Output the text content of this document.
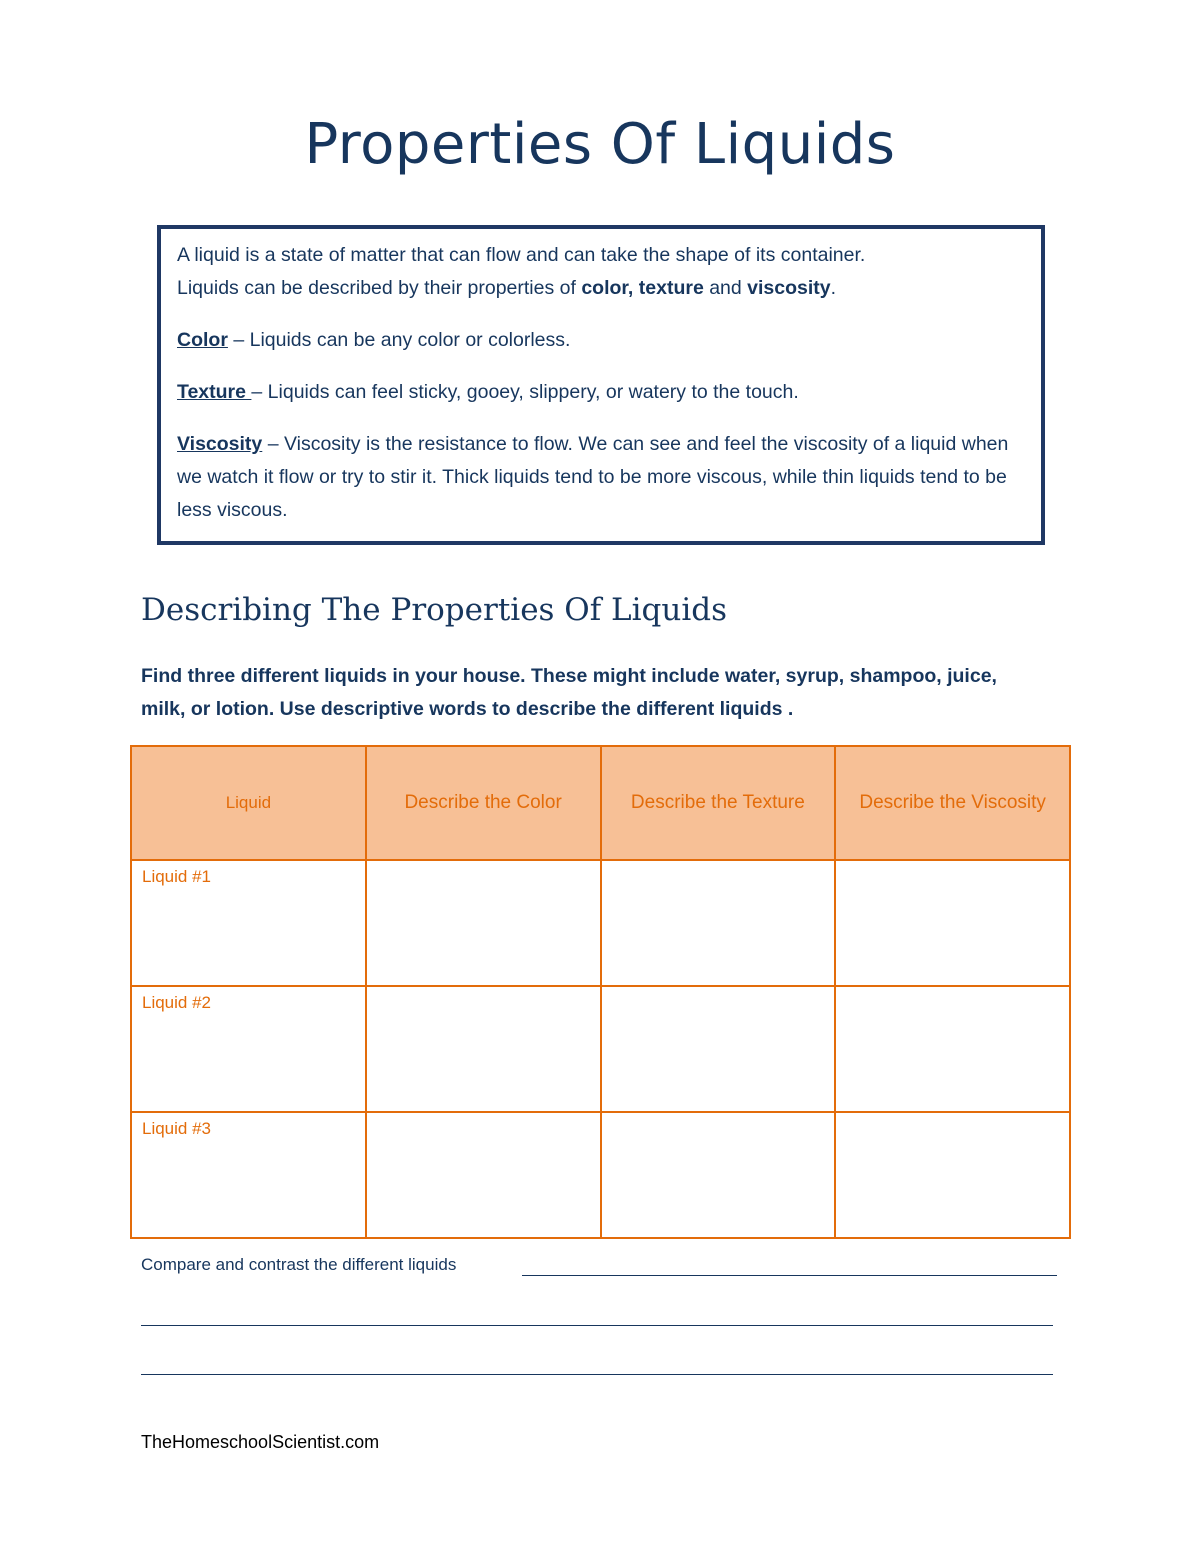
Properties Of Liquids

A liquid is a state of matter that can flow and can take the shape of its container.

Liquids can be described by their properties of color, texture and viscosity.

Color – Liquids can be any color or colorless.

Texture – Liquids can feel sticky, gooey, slippery, or watery to the touch.

Viscosity – Viscosity is the resistance to flow. We can see and feel the viscosity of a liquid when we watch it flow or try to stir it. Thick liquids tend to be more viscous, while thin liquids tend to be less viscous.

Describing The Properties Of Liquids
Find three different liquids in your house. These might include water, syrup, shampoo, juice, milk, or lotion. Use descriptive words to describe the different liquids .
Liquid	Describe the Color	Describe the Texture	Describe the Viscosity
Liquid #1			
Liquid #2			
Liquid #3			
Compare and contrast the different liquids
TheHomeschoolScientist.com
